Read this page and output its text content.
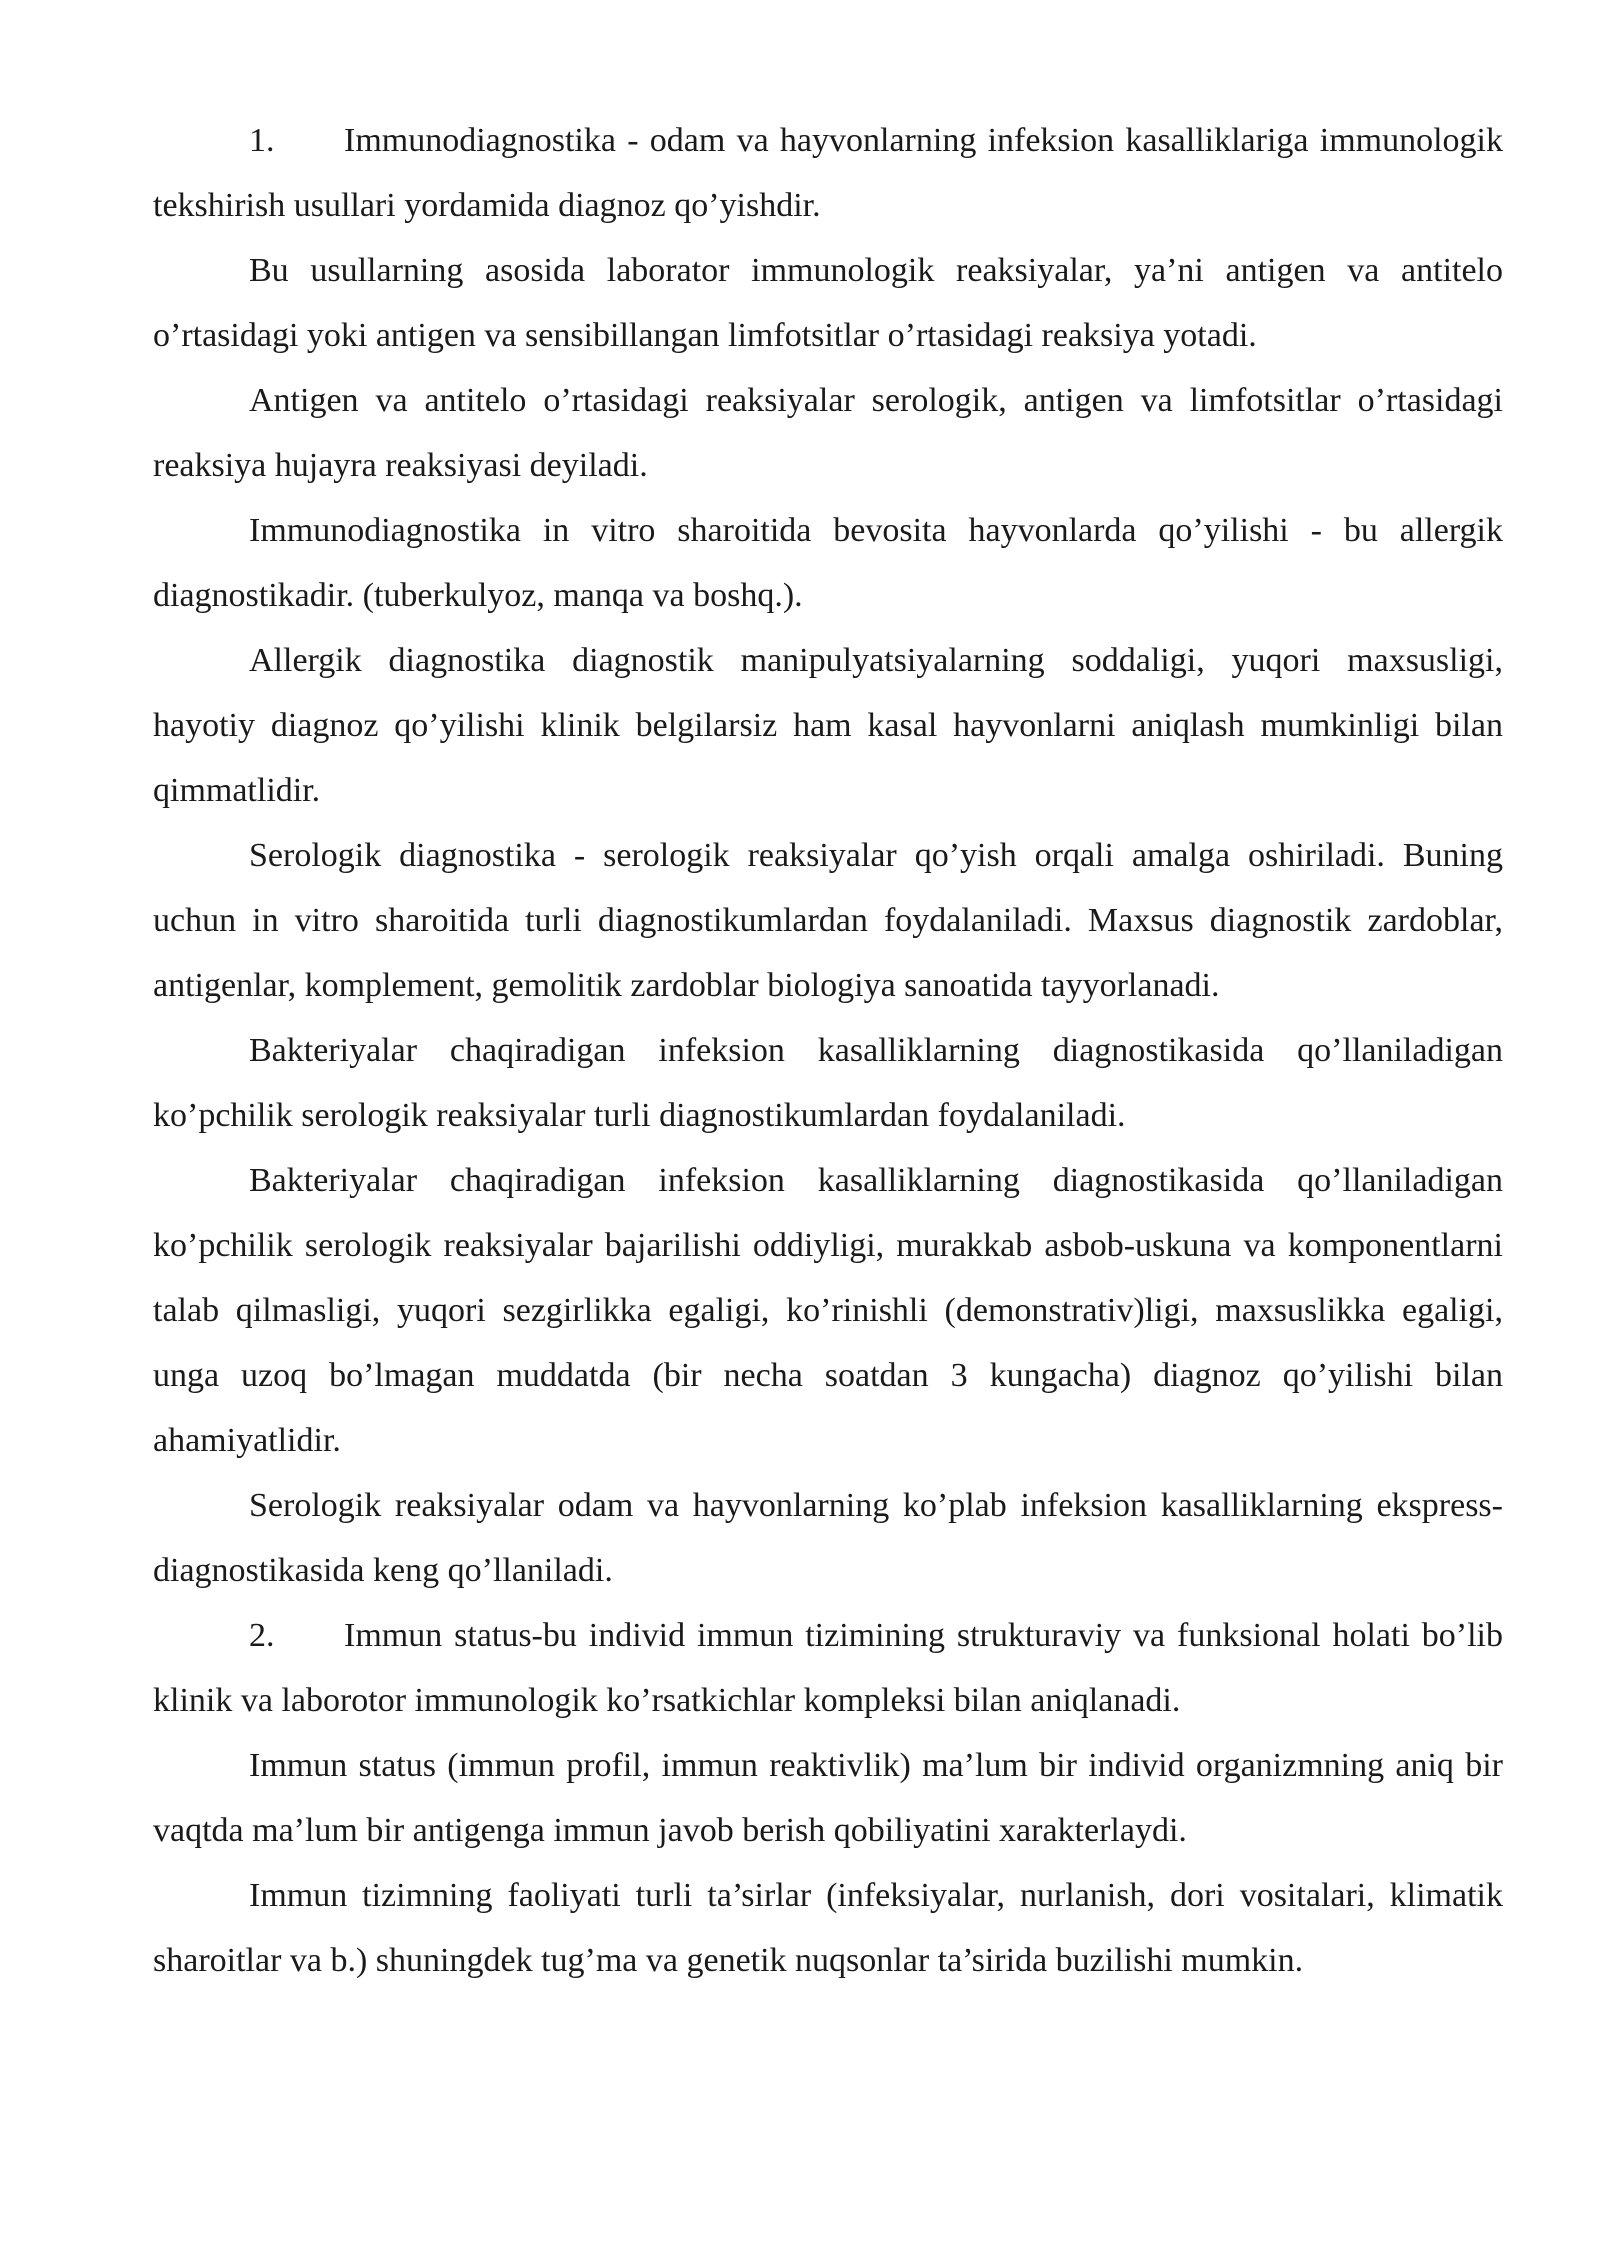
1. Immunodiagnostika - odam va hayvonlarning infeksion kasalliklariga immunologik tekshirish usullari yordamida diagnoz qo’yishdir.

Bu usullarning asosida laborator immunologik reaksiyalar, ya’ni antigen va antitelo o’rtasidagi yoki antigen va sensibillangan limfotsitlar o’rtasidagi reaksiya yotadi.

Antigen va antitelo o’rtasidagi reaksiyalar serologik, antigen va limfotsitlar o’rtasidagi reaksiya hujayra reaksiyasi deyiladi.

Immunodiagnostika in vitro sharoitida bevosita hayvonlarda qo’yilishi - bu allergik diagnostikadir. (tuberkulyoz, manqa va boshq.).

Allergik diagnostika diagnostik manipulyatsiyalarning soddaligi, yuqori maxsusligi, hayotiy diagnoz qo’yilishi klinik belgilarsiz ham kasal hayvonlarni aniqlash mumkinligi bilan qimmatlidir.

Serologik diagnostika - serologik reaksiyalar qo’yish orqali amalga oshiriladi. Buning uchun in vitro sharoitida turli diagnostikumlardan foydalaniladi. Maxsus diagnostik zardoblar, antigenlar, komplement, gemolitik zardoblar biologiya sanoatida tayyorlanadi.

Bakteriyalar chaqiradigan infeksion kasalliklarning diagnostikasida qo’llaniladigan ko’pchilik serologik reaksiyalar turli diagnostikumlardan foydalaniladi.

Bakteriyalar chaqiradigan infeksion kasalliklarning diagnostikasida qo’llaniladigan ko’pchilik serologik reaksiyalar bajarilishi oddiyligi, murakkab asbob-uskuna va komponentlarni talab qilmasligi, yuqori sezgirlikka egaligi, ko’rinishli (demonstrativ)ligi, maxsuslikka egaligi, unga uzoq bo’lmagan muddatda (bir necha soatdan 3 kungacha) diagnoz qo’yilishi bilan ahamiyatlidir.

Serologik reaksiyalar odam va hayvonlarning ko’plab infeksion kasalliklarning ekspress-diagnostikasida keng qo’llaniladi.

2. Immun status-bu individ immun tizimining strukturaviy va funksional holati bo’lib klinik va laborotor immunologik ko’rsatkichlar kompleksi bilan aniqlanadi.

Immun status (immun profil, immun reaktivlik) ma’lum bir individ organizmning aniq bir vaqtda ma’lum bir antigenga immun javob berish qobiliyatini xarakterlaydi.

Immun tizimning faoliyati turli ta’sirlar (infeksiyalar, nurlanish, dori vositalari, klimatik sharoitlar va b.) shuningdek tug’ma va genetik nuqsonlar ta’sirida buzilishi mumkin.
